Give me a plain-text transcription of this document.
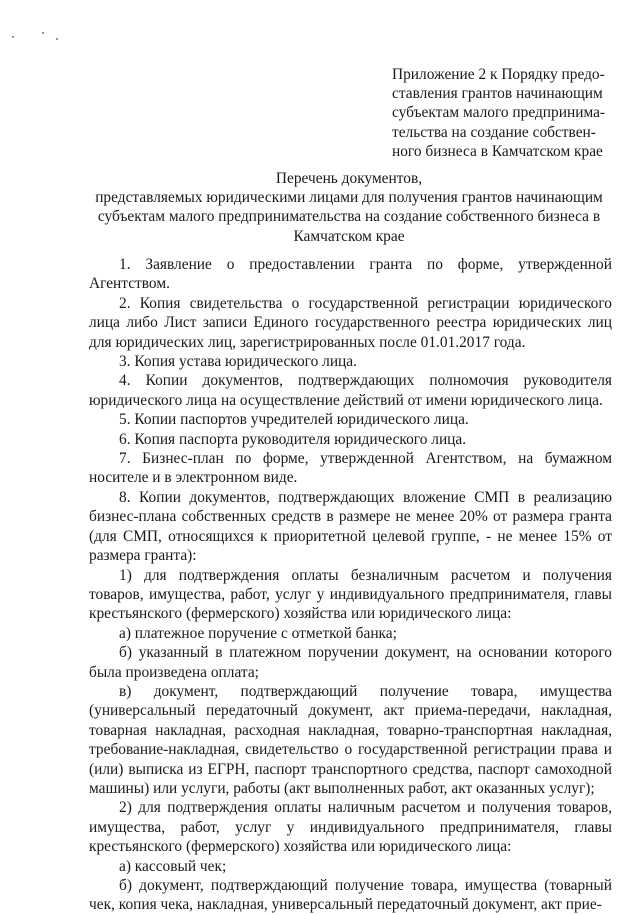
Приложение 2 к Порядку предо-
ставления грантов начинающим
субъектам малого предпринима-
тельства на создание собствен-
ного бизнеса в Камчатском крае
Перечень документов,
представляемых юридическими лицами для получения грантов начинающим субъектам малого предпринимательства на создание собственного бизнеса в Камчатском крае

1. Заявление о предоставлении гранта по форме, утвержденной Агентством.

2. Копия свидетельства о государственной регистрации юридического лица либо Лист записи Единого государственного реестра юридических лиц для юридических лиц, зарегистрированных после 01.01.2017 года.

3. Копия устава юридического лица.

4. Копии документов, подтверждающих полномочия руководителя юридического лица на осуществление действий от имени юридического лица.

5. Копии паспортов учредителей юридического лица.

6. Копия паспорта руководителя юридического лица.

7. Бизнес-план по форме, утвержденной Агентством, на бумажном носителе и в электронном виде.

8. Копии документов, подтверждающих вложение СМП в реализацию бизнес-плана собственных средств в размере не менее 20% от размера гранта (для СМП, относящихся к приоритетной целевой группе, - не менее 15% от размера гранта):

1) для подтверждения оплаты безналичным расчетом и получения товаров, имущества, работ, услуг у индивидуального предпринимателя, главы крестьянского (фермерского) хозяйства или юридического лица:

а) платежное поручение с отметкой банка;

б) указанный в платежном поручении документ, на основании которого была произведена оплата;

в) документ, подтверждающий получение товара, имущества (универсальный передаточный документ, акт приема-передачи, накладная, товарная накладная, расходная накладная, товарно-транспортная накладная, требование-накладная, свидетельство о государственной регистрации права и (или) выписка из ЕГРН, паспорт транспортного средства, паспорт самоходной машины) или услуги, работы (акт выполненных работ, акт оказанных услуг);

2) для подтверждения оплаты наличным расчетом и получения товаров, имущества, работ, услуг у индивидуального предпринимателя, главы крестьянского (фермерского) хозяйства или юридического лица:

а) кассовый чек;

б) документ, подтверждающий получение товара, имущества (товарный чек, копия чека, накладная, универсальный передаточный документ, акт прие-
